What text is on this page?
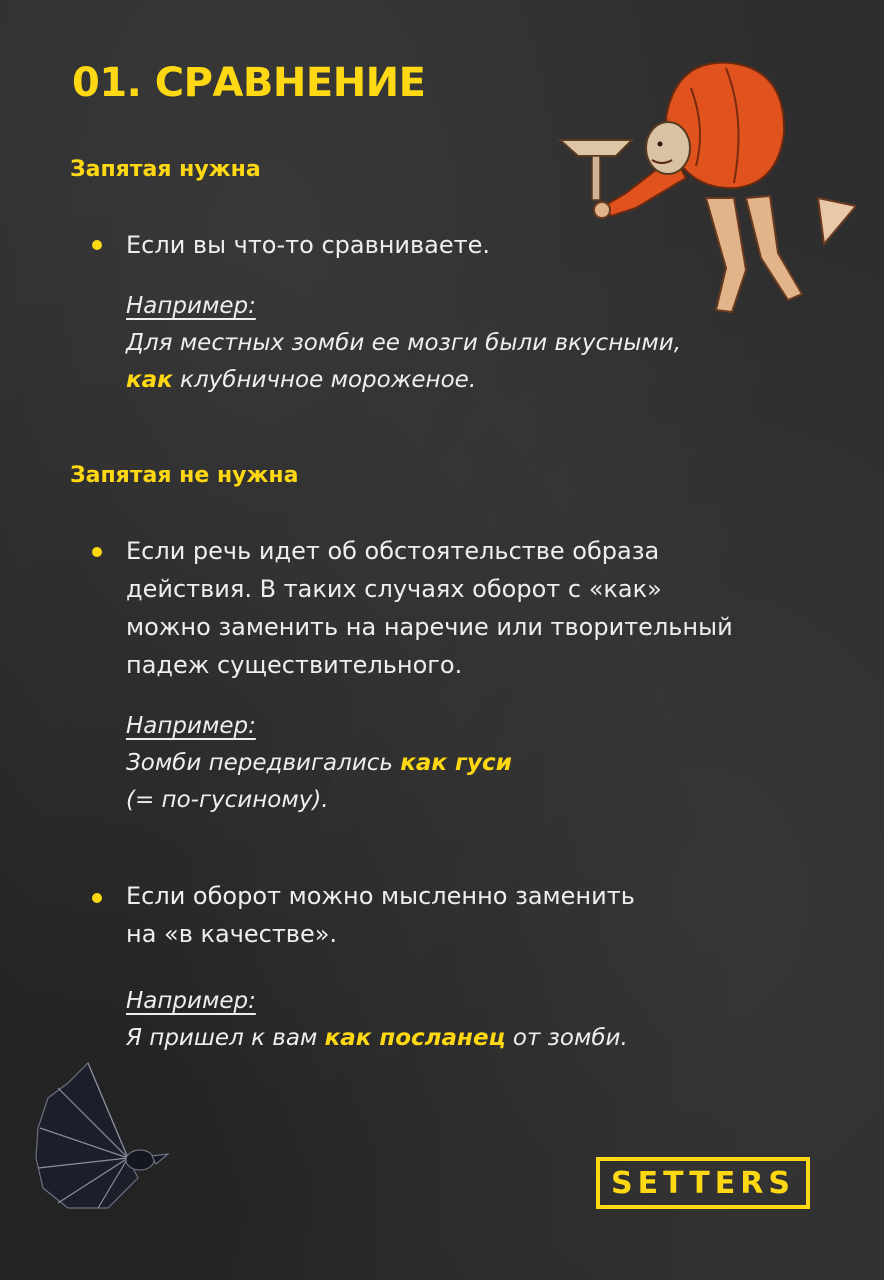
01. СРАВНЕНИЕ
Запятая нужна
Если вы что-то сравниваете.
Например:
Для местных зомби ее мозги были вкусными,
как клубничное мороженое.
Запятая не нужна
Если речь идет об обстоятельстве образа
действия. В таких случаях оборот с «как»
можно заменить на наречие или творительный
падеж существительного.
Например:
Зомби передвигались как гуси
(= по-гусиному).
Если оборот можно мысленно заменить
на «в качестве».
Например:
Я пришел к вам как посланец от зомби.
SETTERS
